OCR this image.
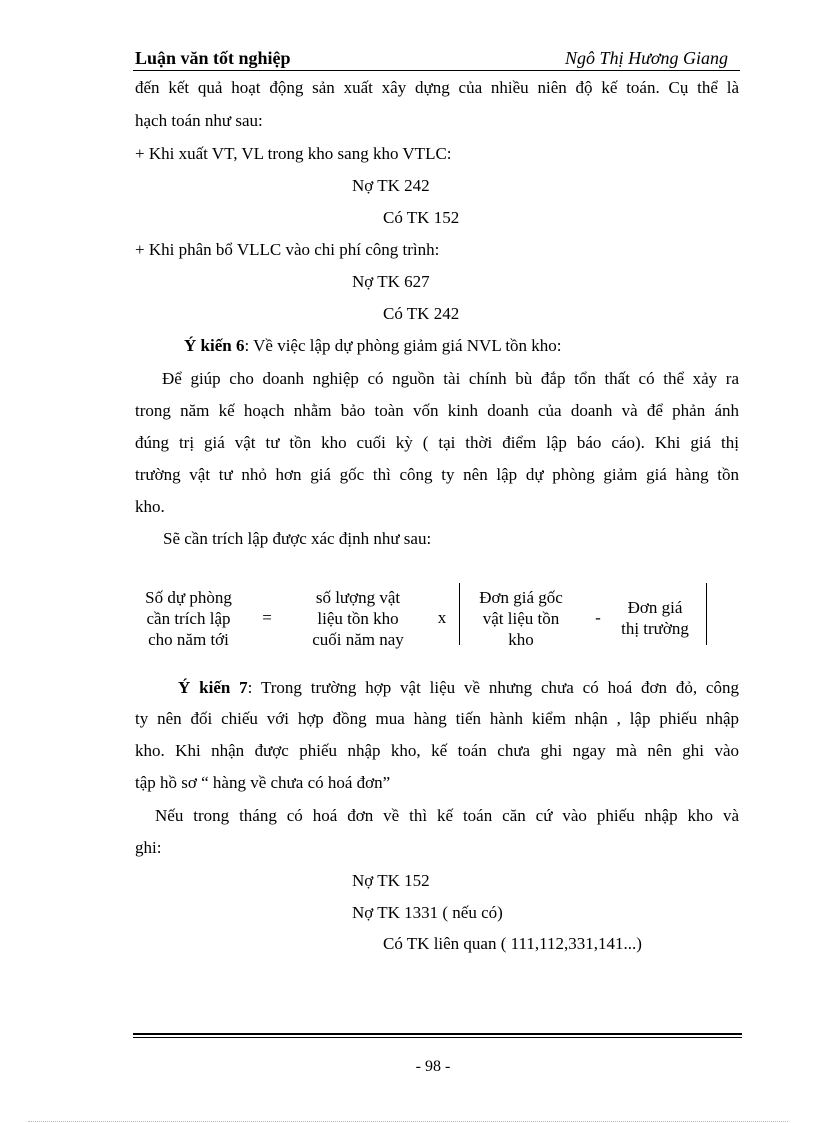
Luận văn tốt nghiệp	Ngô Thị Hương Giang
đến kết quả hoạt động sản xuất xây dựng của nhiều niên độ kế toán. Cụ thể là
hạch toán như sau:
+ Khi xuất VT, VL trong kho sang kho VTLC:
Nợ TK 242
Có TK 152
+ Khi phân bổ VLLC vào chi phí công trình:
Nợ TK 627
Có TK 242
Ý kiến 6: Về việc lập dự phòng giảm giá NVL tồn kho:
Để giúp cho doanh nghiệp có nguồn tài chính bù đắp tổn thất có thể xảy ra
trong năm kế hoạch nhằm bảo toàn vốn kinh doanh của doanh và để phản ánh
đúng trị giá vật tư tồn kho cuối kỳ ( tại thời điểm lập báo cáo). Khi giá thị
trường vật tư nhỏ hơn giá gốc thì công ty nên lập dự phòng giảm giá hàng tồn
kho.
Sẽ cần trích lập được xác định như sau:
Số dự phòng
cần trích lập
cho năm tới
=
số lượng vật
liệu tồn kho
cuối năm nay
x
Đơn giá gốc
vật liệu tồn
kho
-
Đơn giá
thị trường
Ý kiến 7: Trong trường hợp vật liệu về nhưng chưa có hoá đơn đỏ, công
ty nên đối chiếu với hợp đồng mua hàng tiến hành kiểm nhận , lập phiếu nhập
kho. Khi nhận được phiếu nhập kho, kế toán chưa ghi ngay mà nên ghi vào
tập hồ sơ “ hàng về chưa có hoá đơn”
Nếu trong tháng có hoá đơn về thì kế toán căn cứ vào phiếu nhập kho và
ghi:
Nợ TK 152
Nợ TK 1331 ( nếu có)
Có TK liên quan ( 111,112,331,141...)
- 98 -
